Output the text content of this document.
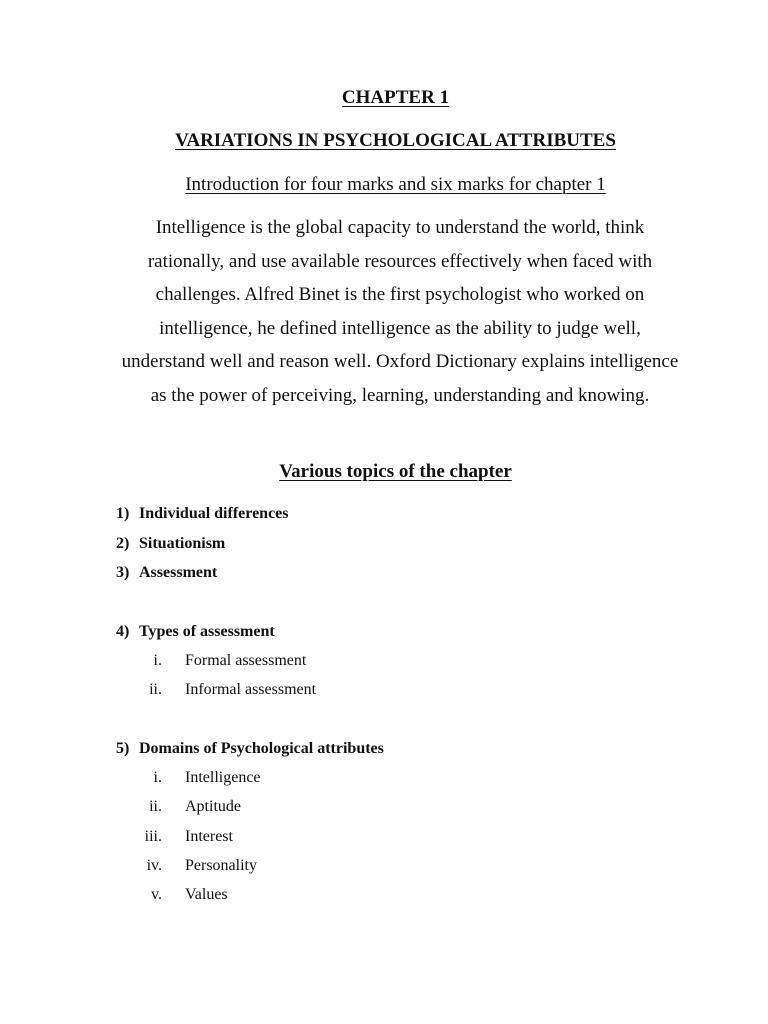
CHAPTER 1
VARIATIONS IN PSYCHOLOGICAL ATTRIBUTES
Introduction for four marks and six marks for chapter 1
Intelligence is the global capacity to understand the world, think rationally, and use available resources effectively when faced with challenges. Alfred Binet is the first psychologist who worked on intelligence, he defined intelligence as the ability to judge well, understand well and reason well. Oxford Dictionary explains intelligence as the power of perceiving, learning, understanding and knowing.
Various topics of the chapter
1) Individual differences
2) Situationism
3) Assessment
4) Types of assessment
i. Formal assessment
ii. Informal assessment
5) Domains of Psychological attributes
i. Intelligence
ii. Aptitude
iii. Interest
iv. Personality
v. Values
